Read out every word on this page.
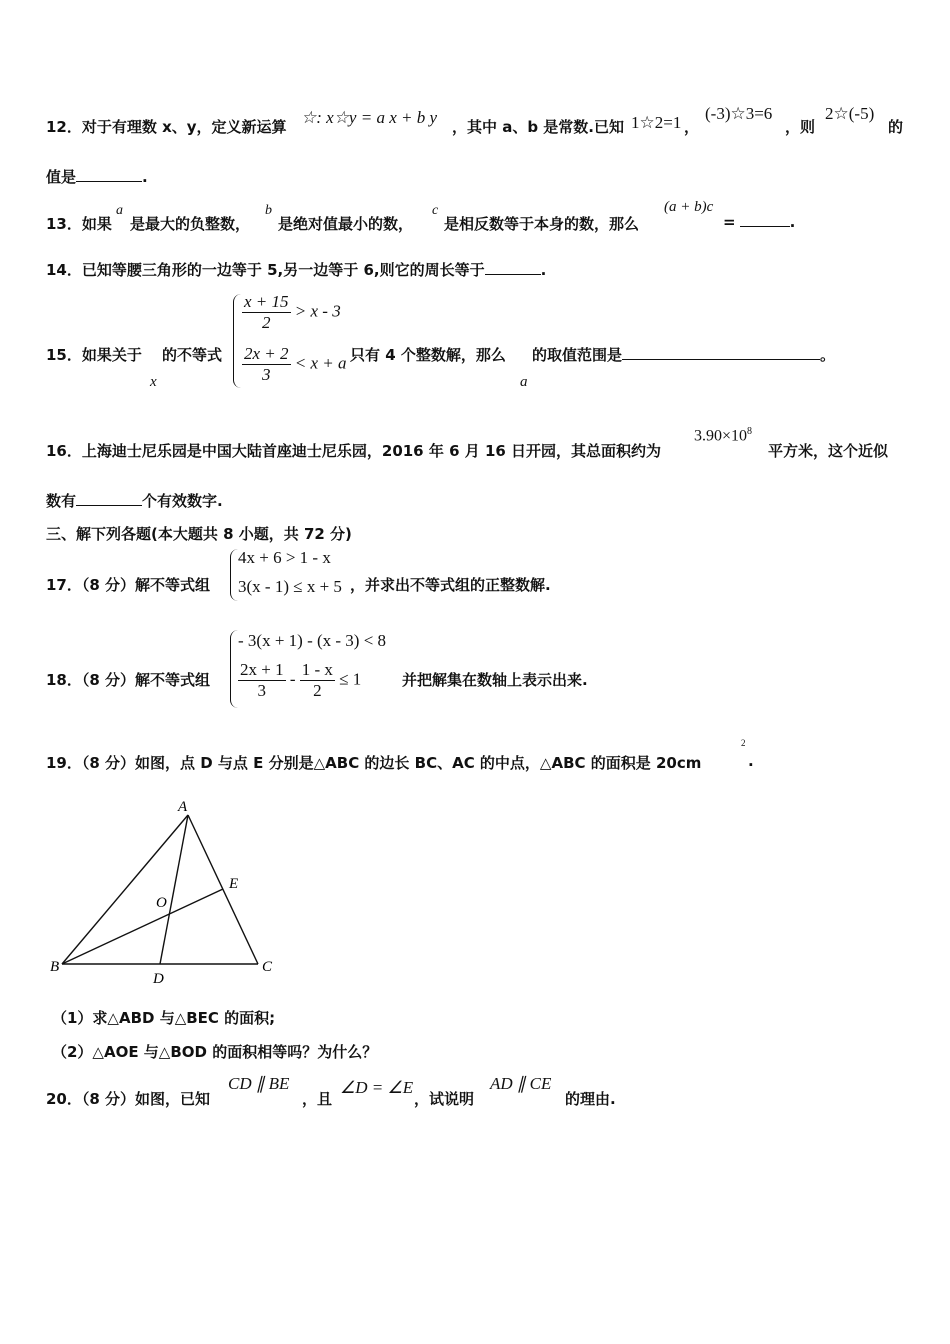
12．对于有理数 x、y，定义新运算 ☆: x☆y = a x + b y ，其中 a、b 是常数.已知 1☆2=1 ，
(-3)☆3=6
，则
2☆(-5)
的
值是	.
13．如果
a
是最大的负整数，
b
是绝对值最小的数，
c
是相反数等于本身的数，那么
(a + b)c
=	.
14．已知等腰三角形的一边等于 5,另一边等于 6,则它的周长等于	.
15．如果关于
x
的不等式
$\frac{x + 15}{2} > x - 3$
$\frac{2x + 2}{3} < x + a$ 只有 4 个整数解，那么
a
的取值范围是	。
16．上海迪士尼乐园是中国大陆首座迪士尼乐园，2016 年 6 月 16 日开园，其总面积约为
$3.90\times 10^8$
平方米，这个近似
数有	个有效数字.
三、解下列各题(本大题共 8 小题，共 72 分)
17．（8 分）解不等式组
4x + 6 > 1 - x
3(x - 1) ≤ x + 5 ，并求出不等式组的正整数解.
18．（8 分）解不等式组
- 3(x + 1) - (x - 3) < 8
$\frac{2x + 1}{3} - \frac{1 - x}{2} \le 1$	并把解集在数轴上表示出来.
19．（8 分）如图，点 D 与点 E 分别是△ABC 的边长 BC、AC 的中点，△ABC 的面积是 20cm
2
.
A
B	C
D
E
O
（1）求△ABD 与△BEC 的面积;
（2）△AOE 与△BOD 的面积相等吗？为什么？
20．（8 分）如图，已知
CD ∥ BE
，且
∠D = ∠E
，试说明
AD ∥ CE
的理由.
